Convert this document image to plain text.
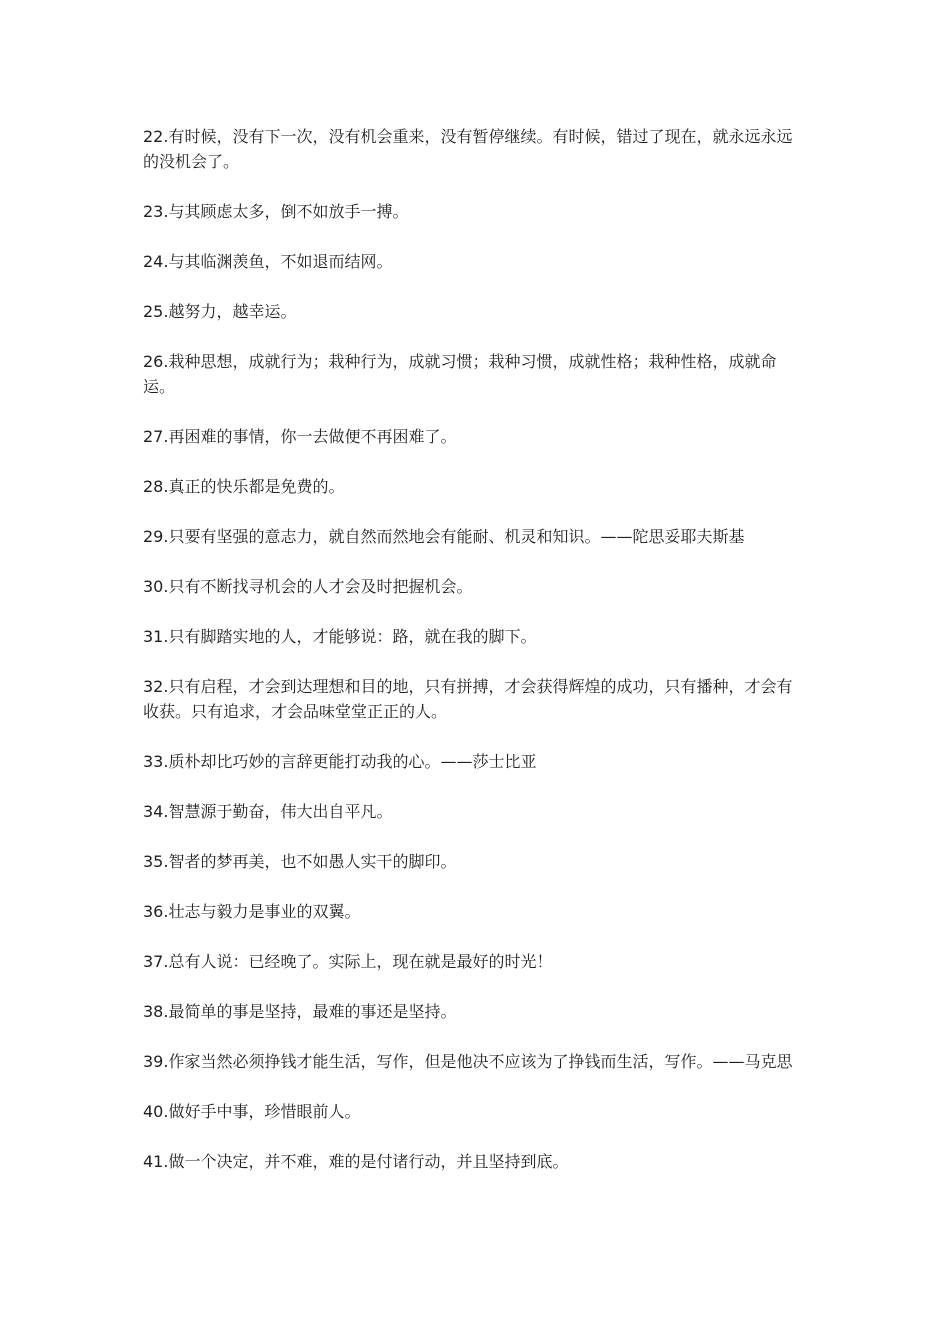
22.有时候，没有下一次，没有机会重来，没有暂停继续。有时候，错过了现在，就永远永远的没机会了。

23.与其顾虑太多，倒不如放手一搏。

24.与其临渊羡鱼，不如退而结网。

25.越努力，越幸运。

26.栽种思想，成就行为；栽种行为，成就习惯；栽种习惯，成就性格；栽种性格，成就命运。

27.再困难的事情，你一去做便不再困难了。

28.真正的快乐都是免费的。

29.只要有坚强的意志力，就自然而然地会有能耐、机灵和知识。——陀思妥耶夫斯基

30.只有不断找寻机会的人才会及时把握机会。

31.只有脚踏实地的人，才能够说：路，就在我的脚下。

32.只有启程，才会到达理想和目的地，只有拼搏，才会获得辉煌的成功，只有播种，才会有收获。只有追求，才会品味堂堂正正的人。

33.质朴却比巧妙的言辞更能打动我的心。——莎士比亚

34.智慧源于勤奋，伟大出自平凡。

35.智者的梦再美，也不如愚人实干的脚印。

36.壮志与毅力是事业的双翼。

37.总有人说：已经晚了。实际上，现在就是最好的时光！

38.最简单的事是坚持，最难的事还是坚持。

39.作家当然必须挣钱才能生活，写作，但是他决不应该为了挣钱而生活，写作。——马克思

40.做好手中事，珍惜眼前人。

41.做一个决定，并不难，难的是付诸行动，并且坚持到底。
